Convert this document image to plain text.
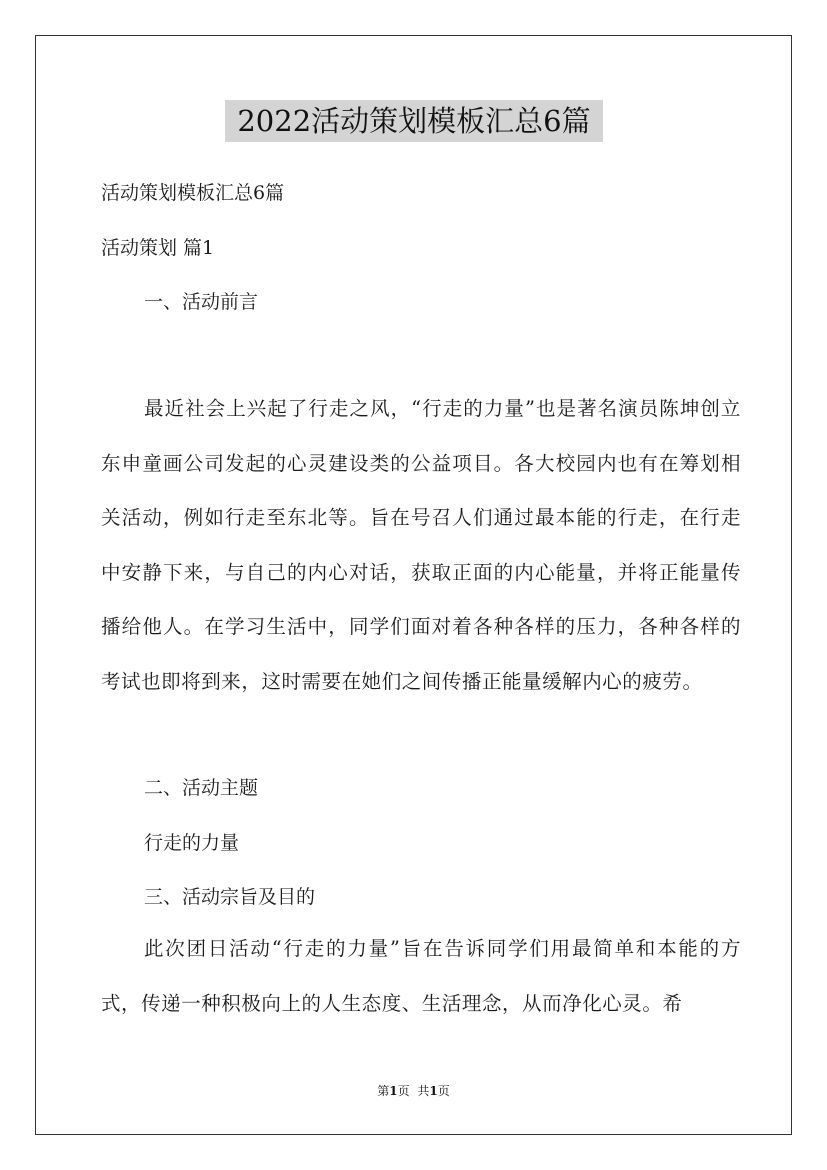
2022活动策划模板汇总6篇
活动策划模板汇总6篇
活动策划 篇1
一、活动前言

最近社会上兴起了行走之风，“行走的力量”也是著名演员陈坤创立东申童画公司发起的心灵建设类的公益项目。各大校园内也有在筹划相关活动，例如行走至东北等。旨在号召人们通过最本能的行走，在行走中安静下来，与自己的内心对话，获取正面的内心能量，并将正能量传播给他人。在学习生活中，同学们面对着各种各样的压力，各种各样的考试也即将到来，这时需要在她们之间传播正能量缓解内心的疲劳。

二、活动主题
行走的力量
三、活动宗旨及目的

此次团日活动“行走的力量”旨在告诉同学们用最简单和本能的方式，传递一种积极向上的人生态度、生活理念，从而净化心灵。希

第1页 共1页
